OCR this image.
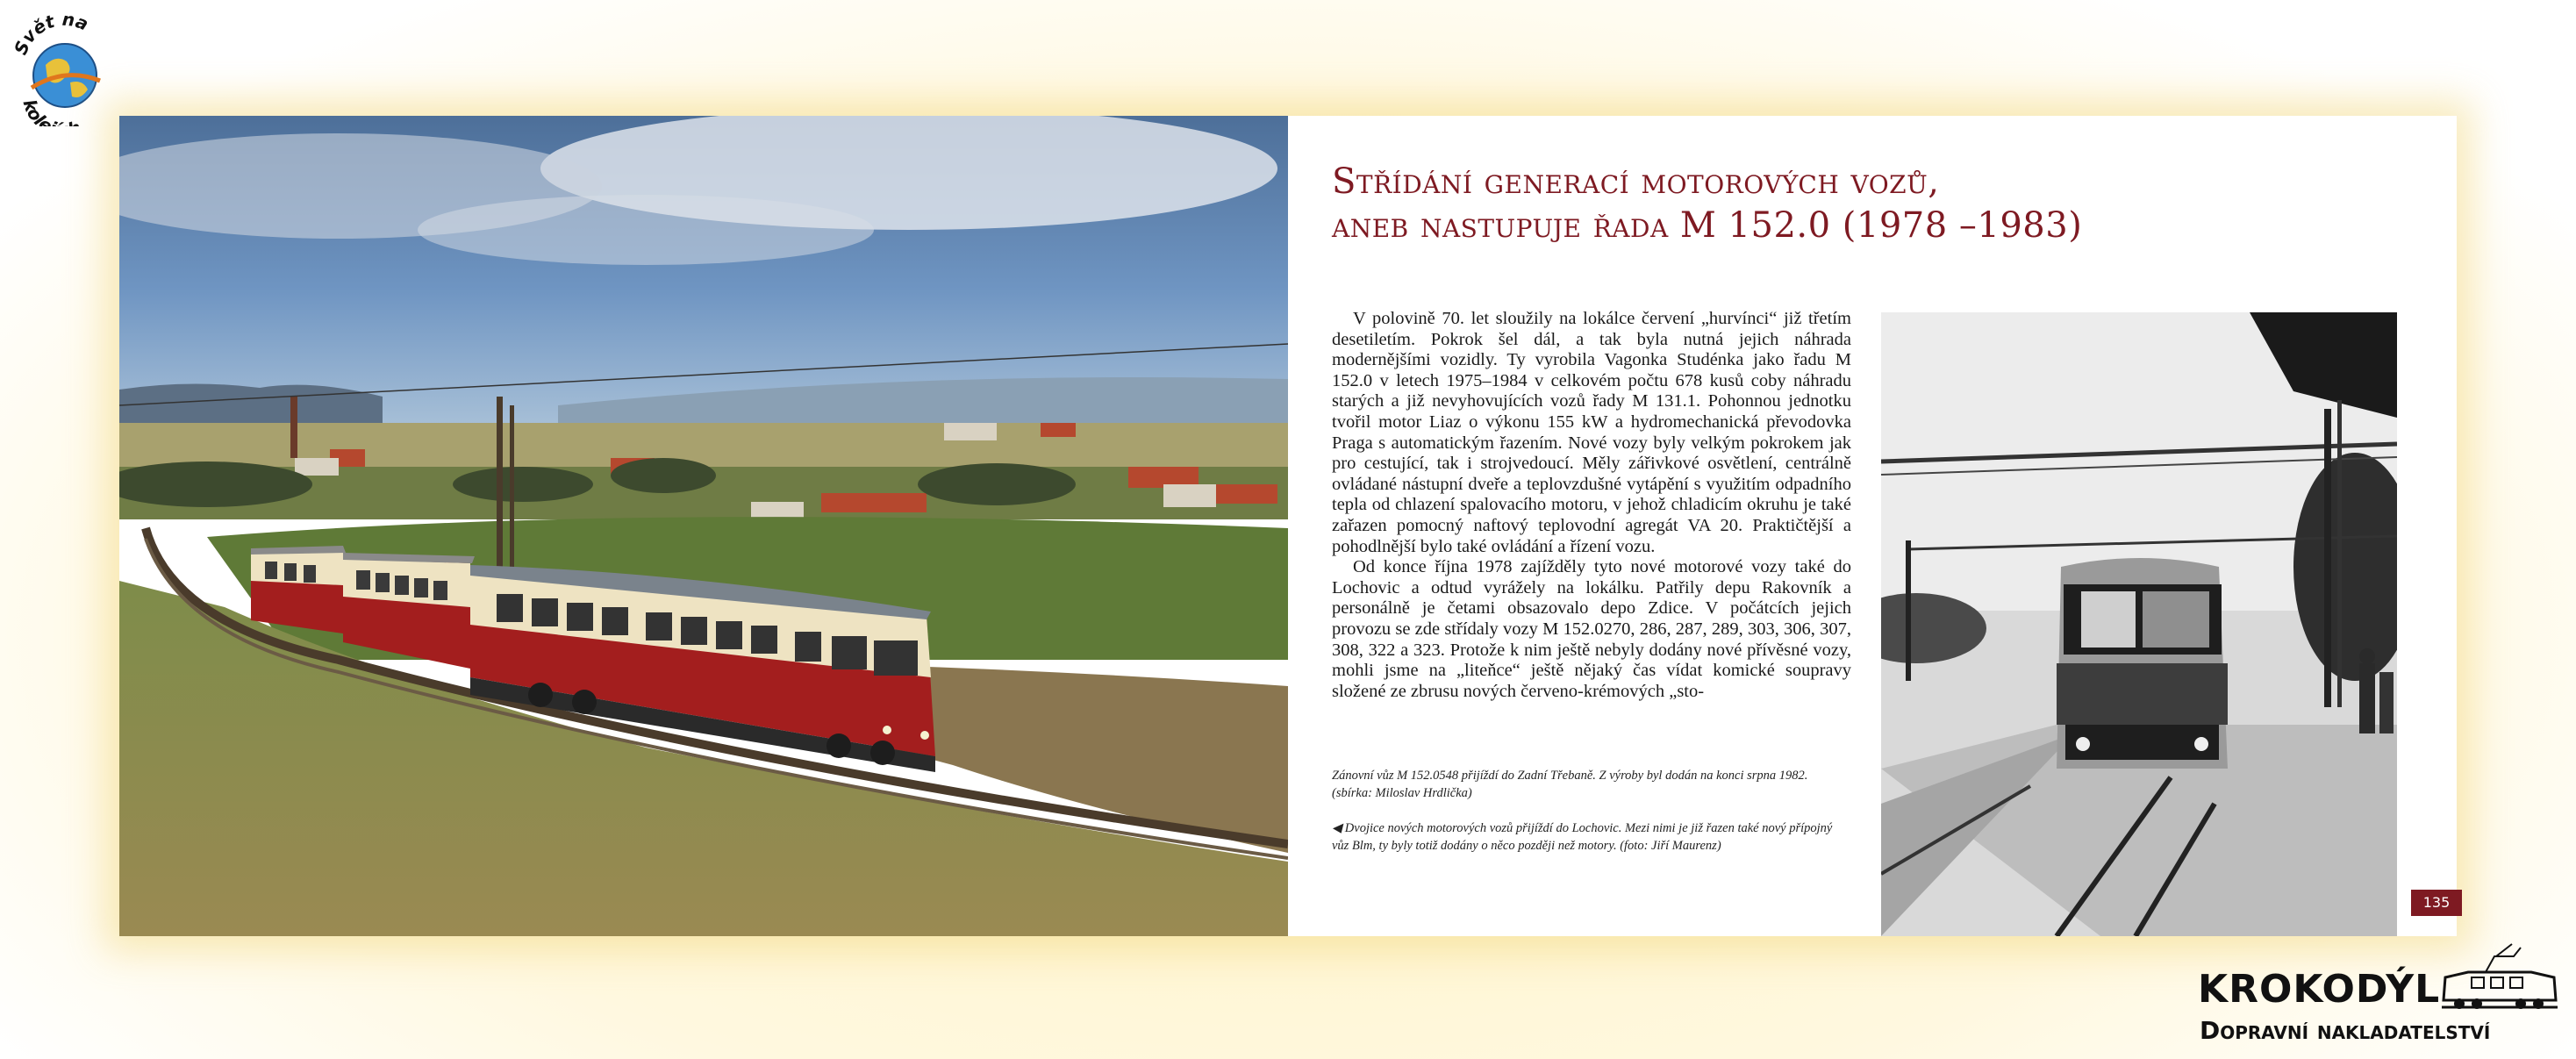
vět na
kole
Střídání generací motorových vozů,
aneb nastupuje řada M 152.0 (1978 –1983)

V polovině 70. let sloužily na lokálce červení „hurvínci“ již třetím desetiletím. Pokrok šel dál, a tak byla nutná jejich náhrada modernějšími vozidly. Ty vyrobila Vagonka Studénka jako řadu M 152.0 v letech 1975–1984 v celkovém počtu 678 kusů coby náhradu starých a již nevyhovujících vozů řady M 131.1. Pohonnou jednotku tvořil motor Liaz o výkonu 155 kW a hydromechanická převodovka Praga s automatickým řazením. Nové vozy byly velkým pokrokem jak pro cestující, tak i strojvedoucí. Měly zářivkové osvětlení, centrálně ovládané nástupní dveře a teplovzdušné vytápění s využitím odpadního tepla od chlazení spalovacího motoru, v jehož chladicím okruhu je také zařazen pomocný naftový teplovodní agregát VA 20. Praktičtější a pohodlnější bylo také ovládání a řízení vozu.

Od konce října 1978 zajížděly tyto nové motorové vozy také do Lochovic a odtud vyrážely na lokálku. Patřily depu Rakovník a personálně je četami obsazovalo depo Zdice. V počátcích jejich provozu se zde střídaly vozy M 152.0270, 286, 287, 289, 303, 306, 307, 308, 322 a 323. Protože k nim ještě nebyly dodány nové přívěsné vozy, mohli jsme na „liteňce“ ještě nějaký čas vídat komické soupravy složené ze zbrusu nových červeno-krémových „sto-

Zánovní vůz M 152.0548 přijíždí do Zadní Třebaně. Z výroby byl dodán na konci srpna 1982. (sbírka: Miloslav Hrdlička)
◀ Dvojice nových motorových vozů přijíždí do Lochovic. Mezi nimi je již řazen také nový přípojný vůz Blm, ty byly totiž dodány o něco později než motory. (foto: Jiří Maurenz)
135
KROKODÝL
Dopravní nakladatelství
